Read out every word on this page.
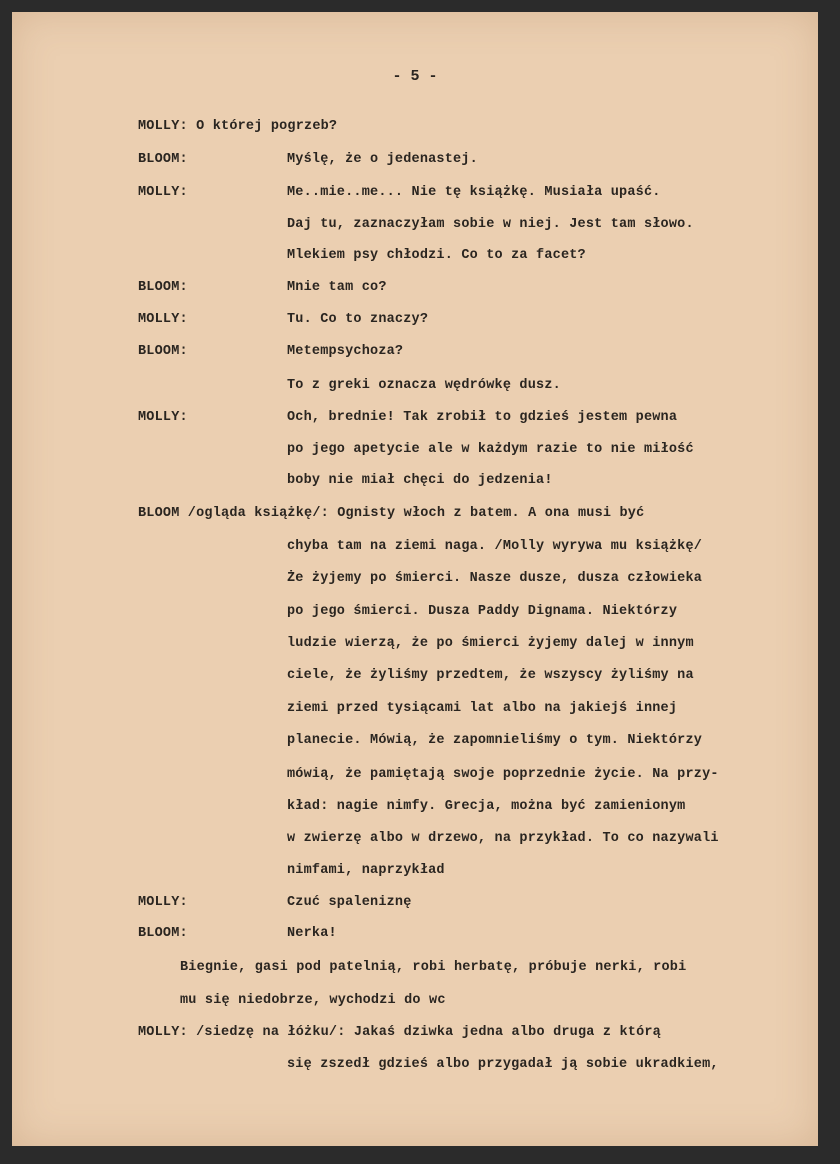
- 5 -
MOLLY: O której pogrzeb?
BLOOM:	Myślę, że o jedenastej.
MOLLY:	Me..mie..me... Nie tę książkę. Musiała upaść.
Daj tu, zaznaczyłam sobie w niej. Jest tam słowo.
Mlekiem psy chłodzi. Co to za facet?
BLOOM:	Mnie tam co?
MOLLY:	Tu. Co to znaczy?
BLOOM:	Metempsychoza?
To z greki oznacza wędrówkę dusz.
MOLLY:	Och, brednie! Tak zrobił to gdzieś jestem pewna
po jego apetycie ale w każdym razie to nie miłość
boby nie miał chęci do jedzenia!
BLOOM /ogląda książkę/: Ognisty włoch z batem. A ona musi być
chyba tam na ziemi naga. /Molly wyrywa mu książkę/
Że żyjemy po śmierci. Nasze dusze, dusza człowieka
po jego śmierci. Dusza Paddy Dignama. Niektórzy
ludzie wierzą, że po śmierci żyjemy dalej w innym
ciele, że żyliśmy przedtem, że wszyscy żyliśmy na
ziemi przed tysiącami lat albo na jakiejś innej
planecie. Mówią, że zapomnieliśmy o tym. Niektórzy
mówią, że pamiętają swoje poprzednie życie. Na przy-
kład: nagie nimfy. Grecja, można być zamienionym
w zwierzę albo w drzewo, na przykład. To co nazywali
nimfami, naprzykład
MOLLY:	Czuć spaleniznę
BLOOM:	Nerka!
Biegnie, gasi pod patelnią, robi herbatę, próbuje nerki, robi
mu się niedobrze, wychodzi do wc
MOLLY: /siedzę na łóżku/: Jakaś dziwka jedna albo druga z którą
się zszedł gdzieś albo przygadał ją sobie ukradkiem,
